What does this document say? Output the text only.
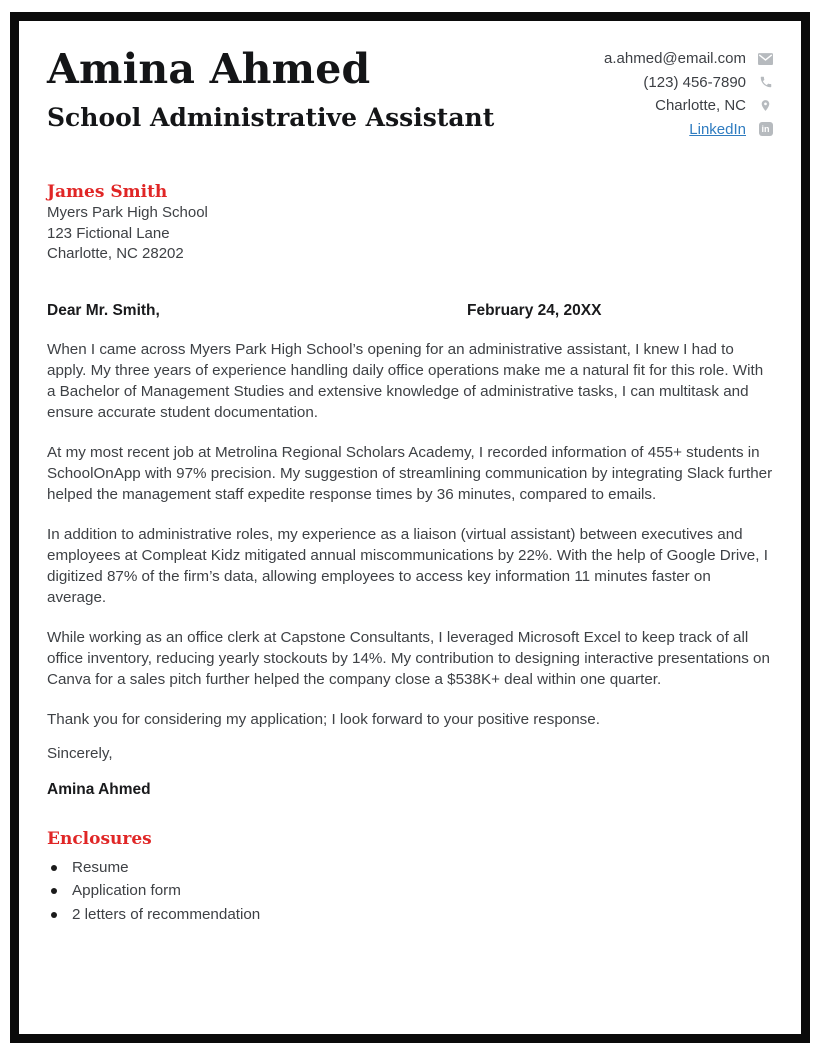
Amina Ahmed
School Administrative Assistant
a.ahmed@email.com
(123) 456-7890
Charlotte, NC
LinkedIn	in
James Smith
Myers Park High School
123 Fictional Lane
Charlotte, NC 28202
Dear Mr. Smith,	February 24, 20XX

When I came across Myers Park High School’s opening for an administrative assistant, I knew I had to apply. My three years of experience handling daily office operations make me a natural fit for this role. With a Bachelor of Management Studies and extensive knowledge of administrative tasks, I can multitask and ensure accurate student documentation.

At my most recent job at Metrolina Regional Scholars Academy, I recorded information of 455+ students in SchoolOnApp with 97% precision. My suggestion of streamlining communication by integrating Slack further helped the management staff expedite response times by 36 minutes, compared to emails.

In addition to administrative roles, my experience as a liaison (virtual assistant) between executives and employees at Compleat Kidz mitigated annual miscommunications by 22%. With the help of Google Drive, I digitized 87% of the firm’s data, allowing employees to access key information 11 minutes faster on average.

While working as an office clerk at Capstone Consultants, I leveraged Microsoft Excel to keep track of all office inventory, reducing yearly stockouts by 14%. My contribution to designing interactive presentations on Canva for a sales pitch further helped the company close a $538K+ deal within one quarter.

Thank you for considering my application; I look forward to your positive response.

Sincerely,

Amina Ahmed

Enclosures
Resume
Application form
2 letters of recommendation
